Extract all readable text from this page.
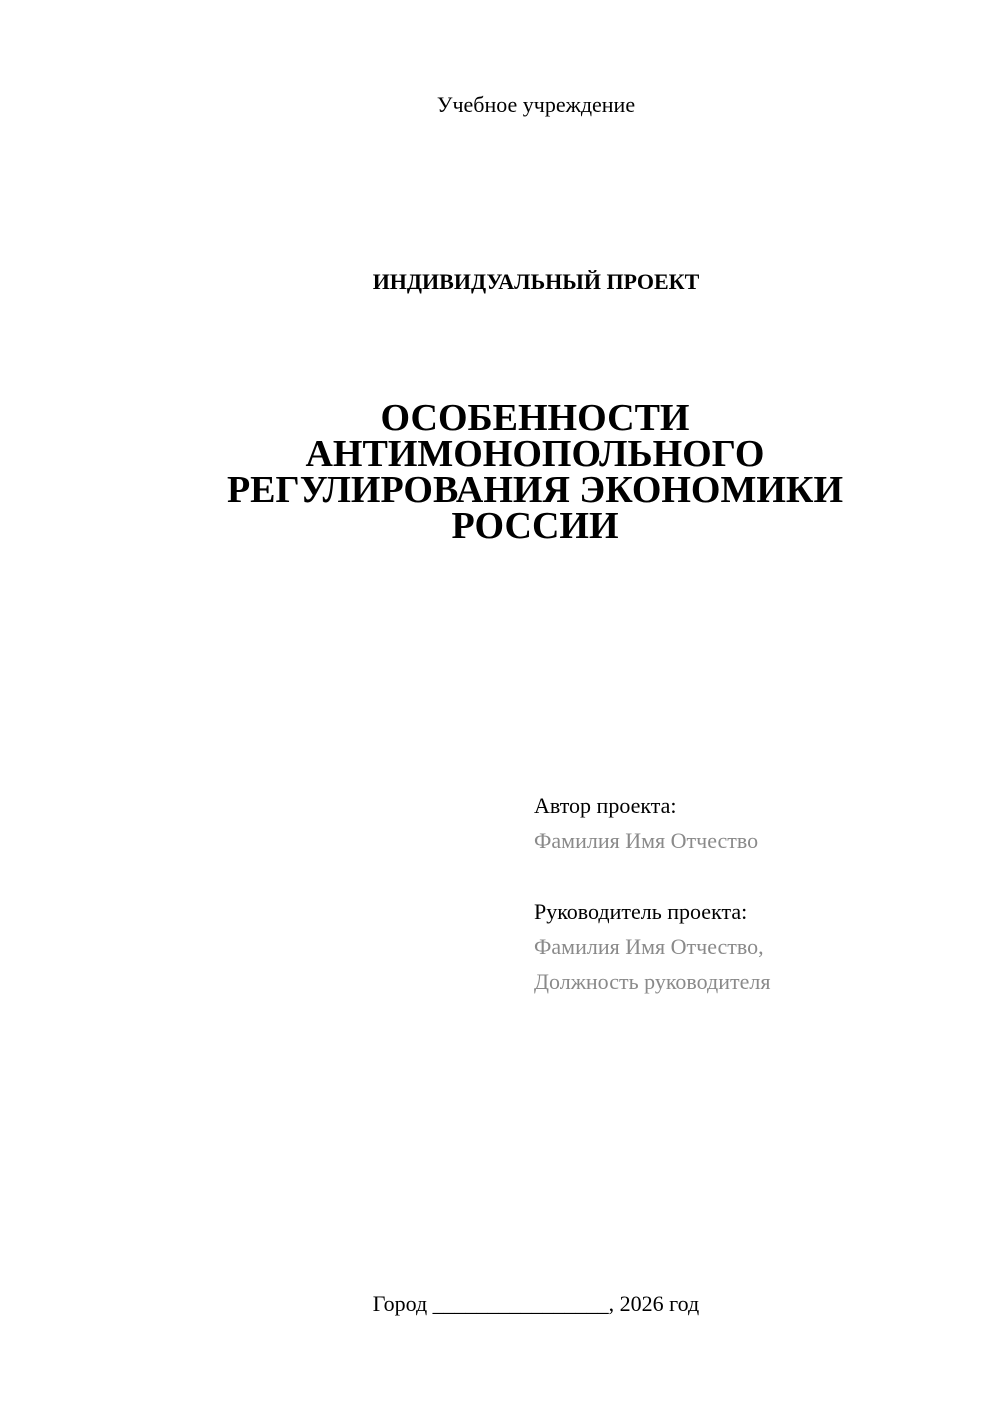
Учебное учреждение
ИНДИВИДУАЛЬНЫЙ ПРОЕКТ
ОСОБЕННОСТИ
АНТИМОНОПОЛЬНОГО
РЕГУЛИРОВАНИЯ ЭКОНОМИКИ
РОССИИ
Автор проекта:
Фамилия Имя Отчество
Руководитель проекта:
Фамилия Имя Отчество,
Должность руководителя
Город ________________, 2026 год
